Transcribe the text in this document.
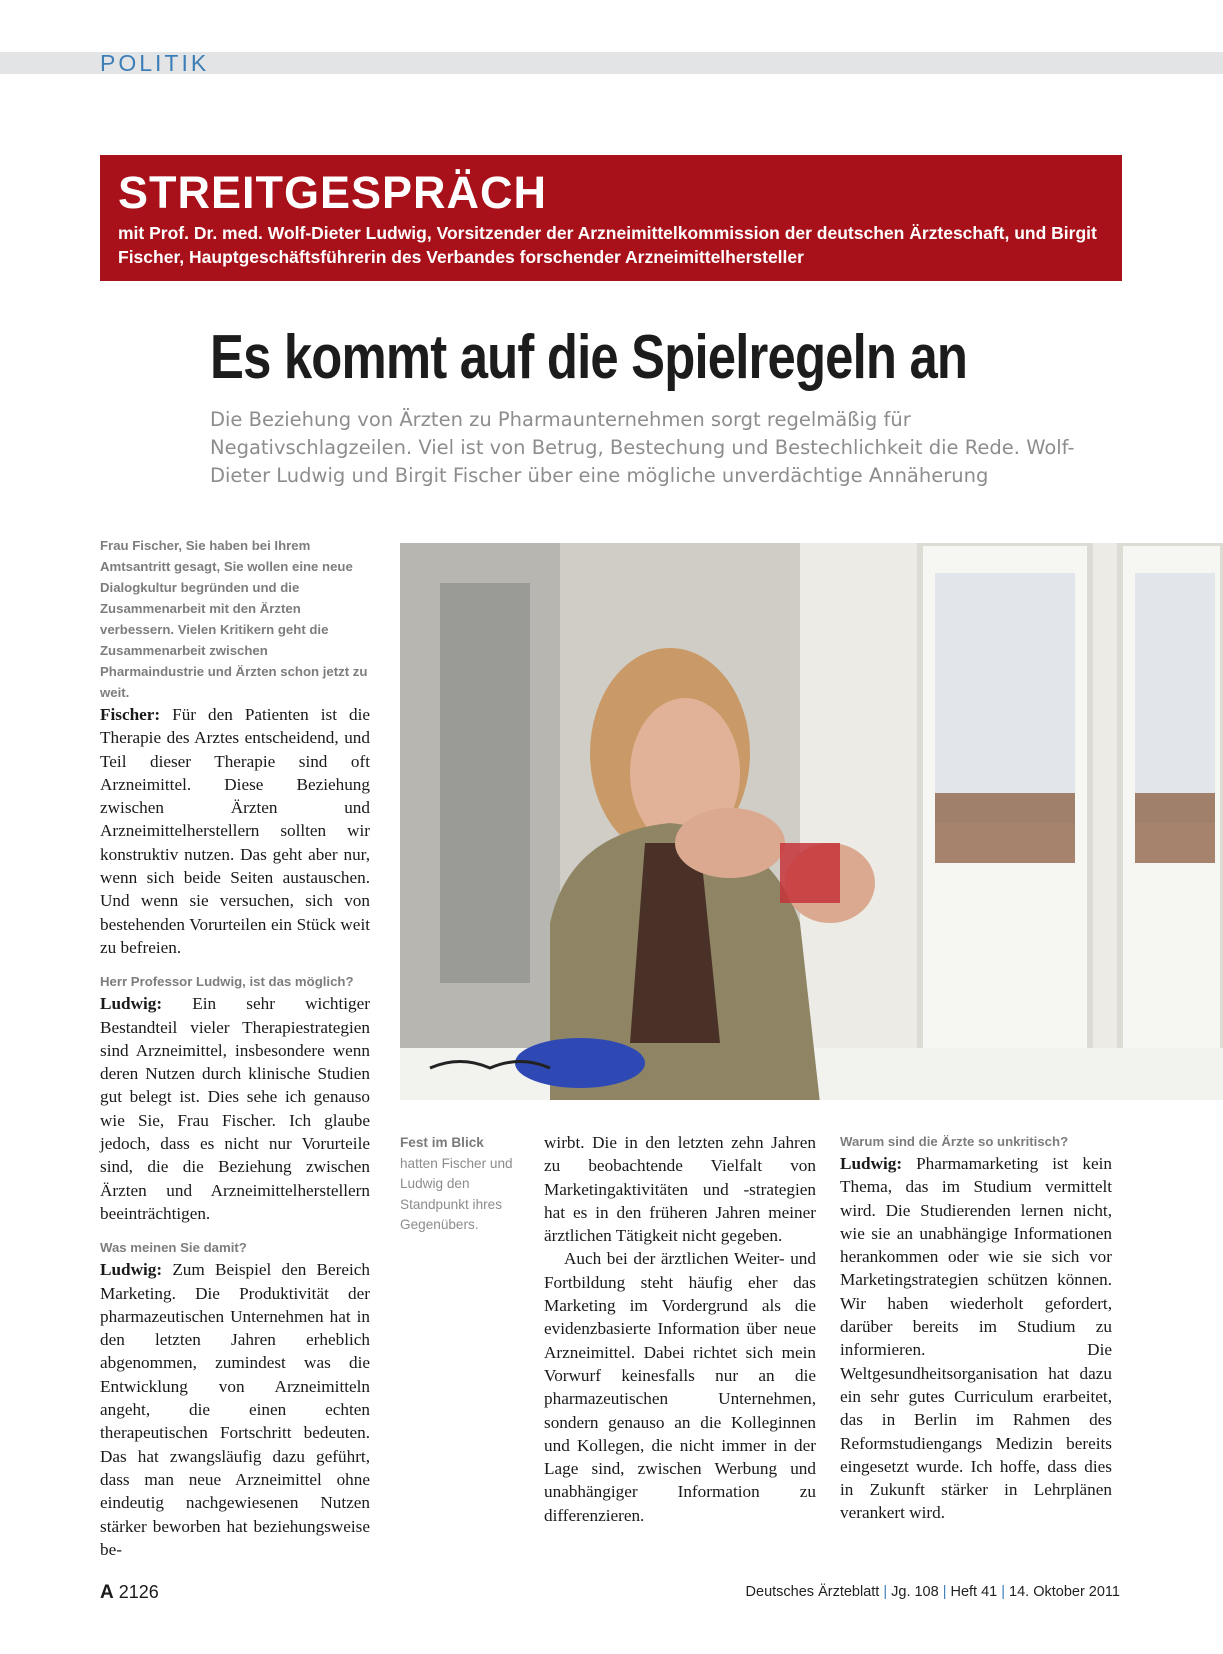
POLITIK
STREITGESPRÄCH
mit Prof. Dr. med. Wolf-Dieter Ludwig, Vorsitzender der Arzneimittelkommission der deutschen Ärzteschaft, und Birgit Fischer, Hauptgeschäftsführerin des Verbandes forschender Arzneimittelhersteller
Es kommt auf die Spielregeln an
Die Beziehung von Ärzten zu Pharmaunternehmen sorgt regelmäßig für Negativschlagzeilen. Viel ist von Betrug, Bestechung und Bestechlichkeit die Rede. Wolf-Dieter Ludwig und Birgit Fischer über eine mögliche unverdächtige Annäherung
Frau Fischer, Sie haben bei Ihrem Amtsantritt gesagt, Sie wollen eine neue Dialogkultur begründen und die Zusammenarbeit mit den Ärzten verbessern. Vielen Kritikern geht die Zusammenarbeit zwischen Pharmaindustrie und Ärzten schon jetzt zu weit.

Fischer: Für den Patienten ist die Therapie des Arztes entscheidend, und Teil dieser Therapie sind oft Arzneimittel. Diese Beziehung zwischen Ärzten und Arzneimittelherstellern sollten wir konstruktiv nutzen. Das geht aber nur, wenn sich beide Seiten austauschen. Und wenn sie versuchen, sich von bestehenden Vorurteilen ein Stück weit zu befreien.

Herr Professor Ludwig, ist das möglich?

Ludwig: Ein sehr wichtiger Bestandteil vieler Therapiestrategien sind Arzneimittel, insbesondere wenn deren Nutzen durch klinische Studien gut belegt ist. Dies sehe ich genauso wie Sie, Frau Fischer. Ich glaube jedoch, dass es nicht nur Vorurteile sind, die die Beziehung zwischen Ärzten und Arzneimittelherstellern beeinträchtigen.

Was meinen Sie damit?

Ludwig: Zum Beispiel den Bereich Marketing. Die Produktivität der pharmazeutischen Unternehmen hat in den letzten Jahren erheblich abgenommen, zumindest was die Entwicklung von Arzneimitteln angeht, die einen echten therapeutischen Fortschritt bedeuten. Das hat zwangsläufig dazu geführt, dass man neue Arzneimittel ohne eindeutig nachgewiesenen Nutzen stärker beworben hat beziehungsweise be-

Fest im Blick
hatten Fischer und Ludwig den Standpunkt ihres Gegenübers.

wirbt. Die in den letzten zehn Jahren zu beobachtende Vielfalt von Marketingaktivitäten und -strategien hat es in den früheren Jahren meiner ärztlichen Tätigkeit nicht gegeben.

Auch bei der ärztlichen Weiter- und Fortbildung steht häufig eher das Marketing im Vordergrund als die evidenzbasierte Information über neue Arzneimittel. Dabei richtet sich mein Vorwurf keinesfalls nur an die pharmazeutischen Unternehmen, sondern genauso an die Kolleginnen und Kollegen, die nicht immer in der Lage sind, zwischen Werbung und unabhängiger Information zu differenzieren.

Warum sind die Ärzte so unkritisch?

Ludwig: Pharmamarketing ist kein Thema, das im Studium vermittelt wird. Die Studierenden lernen nicht, wie sie an unabhängige Informationen herankommen oder wie sie sich vor Marketingstrategien schützen können. Wir haben wiederholt gefordert, darüber bereits im Studium zu informieren. Die Weltgesundheitsorganisation hat dazu ein sehr gutes Curriculum erarbeitet, das in Berlin im Rahmen des Reformstudiengangs Medizin bereits eingesetzt wurde. Ich hoffe, dass dies in Zukunft stärker in Lehrplänen verankert wird.

A 2126	Deutsches Ärzteblatt | Jg. 108 | Heft 41 | 14. Oktober 2011
